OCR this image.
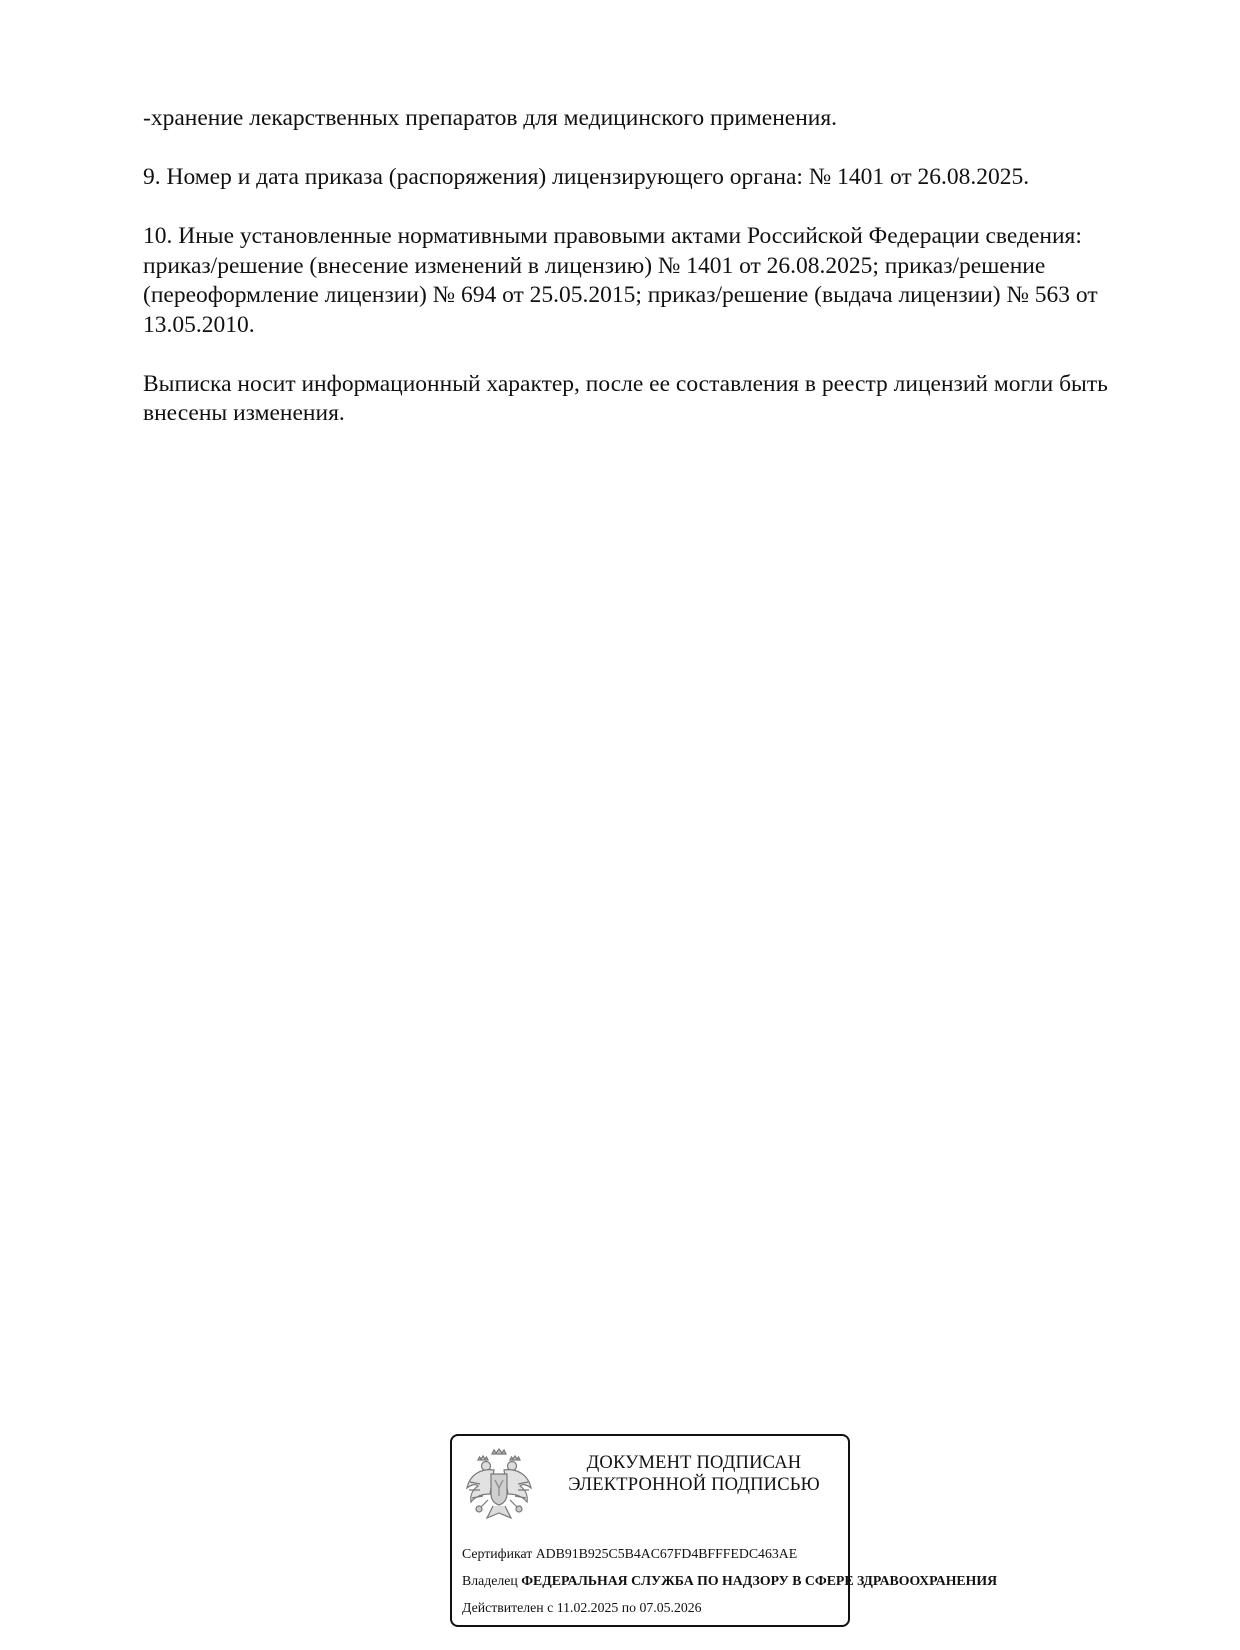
-хранение лекарственных препаратов для медицинского применения.

9. Номер и дата приказа (распоряжения) лицензирующего органа: № 1401 от 26.08.2025.

10. Иные установленные нормативными правовыми актами Российской Федерации сведения:
приказ/решение (внесение изменений в лицензию) № 1401 от 26.08.2025; приказ/решение
(переоформление лицензии) № 694 от 25.05.2015; приказ/решение (выдача лицензии) № 563 от
13.05.2010.

Выписка носит информационный характер, после ее составления в реестр лицензий могли быть
внесены изменения.

ДОКУМЕНТ ПОДПИСАН
ЭЛЕКТРОННОЙ ПОДПИСЬЮ
Сертификат ADB91B925C5B4AC67FD4BFFFEDC463AE
Владелец ФЕДЕРАЛЬНАЯ СЛУЖБА ПО НАДЗОРУ В СФЕРЕ ЗДРАВООХРАНЕНИЯ
Действителен с 11.02.2025 по 07.05.2026
